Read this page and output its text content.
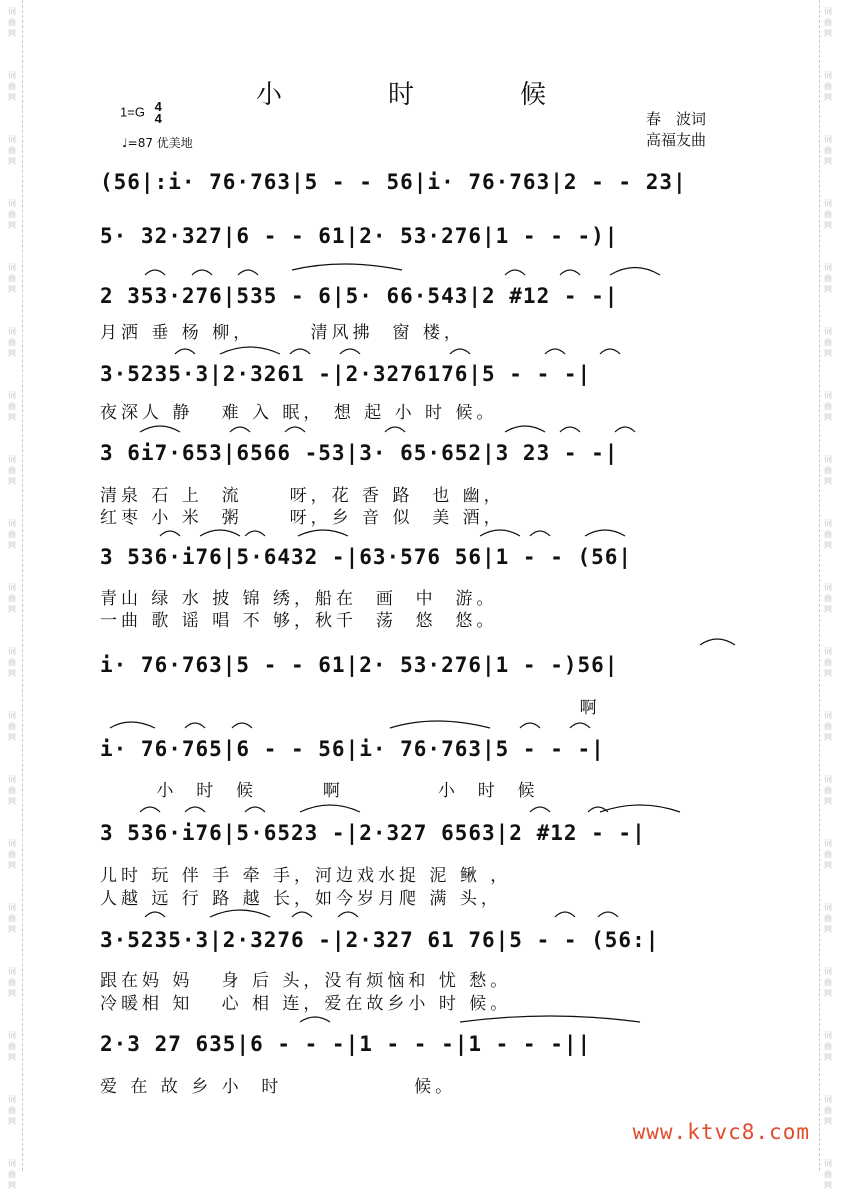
小　时　候
1=G 4
4
♩=87 优美地
春　波词
高福友曲
(56|:i· 76·763|5 - - 56|i· 76·763|2 - - 23|
5· 32·327|6 - - 61|2· 53·276|1 - - -)|
2 353·276|535 - 6|5· 66·543|2 #12 - -|
3·5235·3|2·3261 -|2·3276176|5 - - -|
3 6i7·653|6566 -53|3· 65·652|3 23 - -|
3 536·i76|5·6432 -|63·576 56|1 - - (56|
i· 76·763|5 - - 61|2· 53·276|1 - -)56|
i· 76·765|6 - - 56|i· 76·763|5 - - -|
3 536·i76|5·6523 -|2·327 6563|2 #12 - -|
3·5235·3|2·3276 -|2·327 61 76|5 - - (56:|
2·3 27 635|6 - - -|1 - - -|1 - - -||
月洒 垂 杨 柳，      清风拂  窗 楼，
夜深人 静   难 入 眠， 想 起 小 时 候。
清泉 石 上  流     呀，花 香 路  也 幽，
红枣 小 米  粥     呀，乡 音 似  美 酒，
青山 绿 水 披 锦 绣，船在  画  中  游。
一曲 歌 谣 唱 不 够，秋千  荡  悠  悠。
啊
小  时  候       啊          小  时  候
儿时 玩 伴 手 牵 手，河边戏水捉 泥 鳅 ，
人越 远 行 路 越 长，如今岁月爬 满 头，
跟在妈 妈   身 后 头，没有烦恼和 忧 愁。
冷暖相 知   心 相 连，爱在故乡小 时 候。
爱 在 故 乡 小  时              候。
www.ktvc8.com
词曲网
词曲网
词曲网
词曲网
词曲网
词曲网
词曲网
词曲网
词曲网
词曲网
词曲网
词曲网
词曲网
词曲网
词曲网
词曲网
词曲网
词曲网
词曲网
词曲网
词曲网
词曲网
词曲网
词曲网
词曲网
词曲网
词曲网
词曲网
词曲网
词曲网
词曲网
词曲网
词曲网
词曲网
词曲网
词曲网
词曲网
词曲网
